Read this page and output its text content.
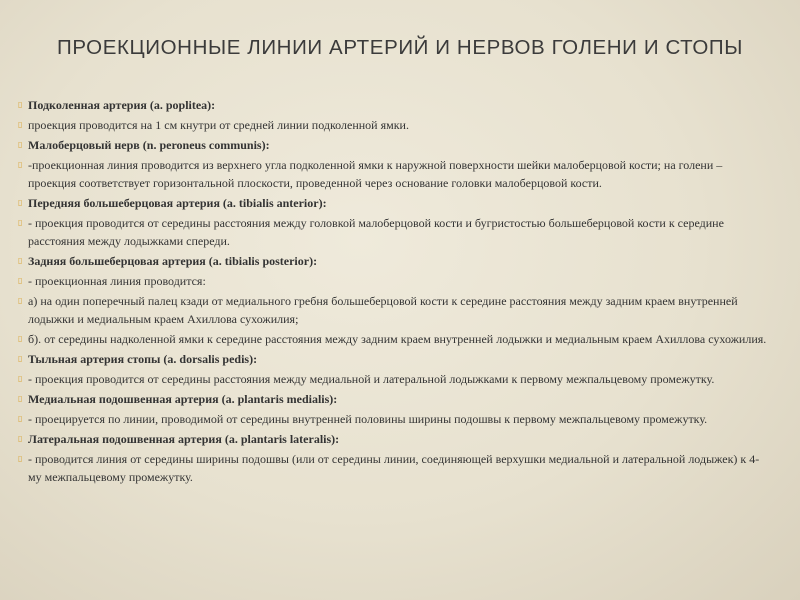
ПРОЕКЦИОННЫЕ ЛИНИИ АРТЕРИЙ И НЕРВОВ ГОЛЕНИ И СТОПЫ
▯ Подколенная артерия (a. poplitea):
▯ проекция проводится на 1 см кнутри от средней линии подколенной ямки.
▯ Малоберцовый нерв (n. peroneus communis):
▯ -проекционная линия проводится из верхнего угла подколенной ямки к наружной поверхности шейки малоберцовой кости; на голени – проекция соответствует горизонтальной плоскости, проведенной через основание головки малоберцовой кости.
▯ Передняя большеберцовая артерия (a. tibialis anterior):
▯ - проекция проводится от середины расстояния между головкой малоберцовой кости и бугристостью большеберцовой кости к середине расстояния между лодыжками спереди.
▯ Задняя большеберцовая артерия (a. tibialis posterior):
▯ - проекционная линия проводится:
▯ а) на один поперечный палец кзади от медиального гребня большеберцовой кости к середине расстояния между задним краем внутренней лодыжки и медиальным краем Ахиллова сухожилия;
▯ б). от середины надколенной ямки к середине расстояния между задним краем внутренней лодыжки и медиальным краем Ахиллова сухожилия.
▯ Тыльная артерия стопы (a. dorsalis pedis):
▯ - проекция проводится от середины расстояния между медиальной и латеральной лодыжками к первому межпальцевому промежутку.
▯ Медиальная подошвенная артерия (a. plantaris medialis):
▯ - проецируется по линии, проводимой от середины внутренней половины ширины подошвы к первому межпальцевому промежутку.
▯ Латеральная подошвенная артерия (a. plantaris lateralis):
▯ - проводится линия от середины ширины подошвы (или от середины линии, соединяющей верхушки медиальной и латеральной лодыжек) к 4-му межпальцевому промежутку.
